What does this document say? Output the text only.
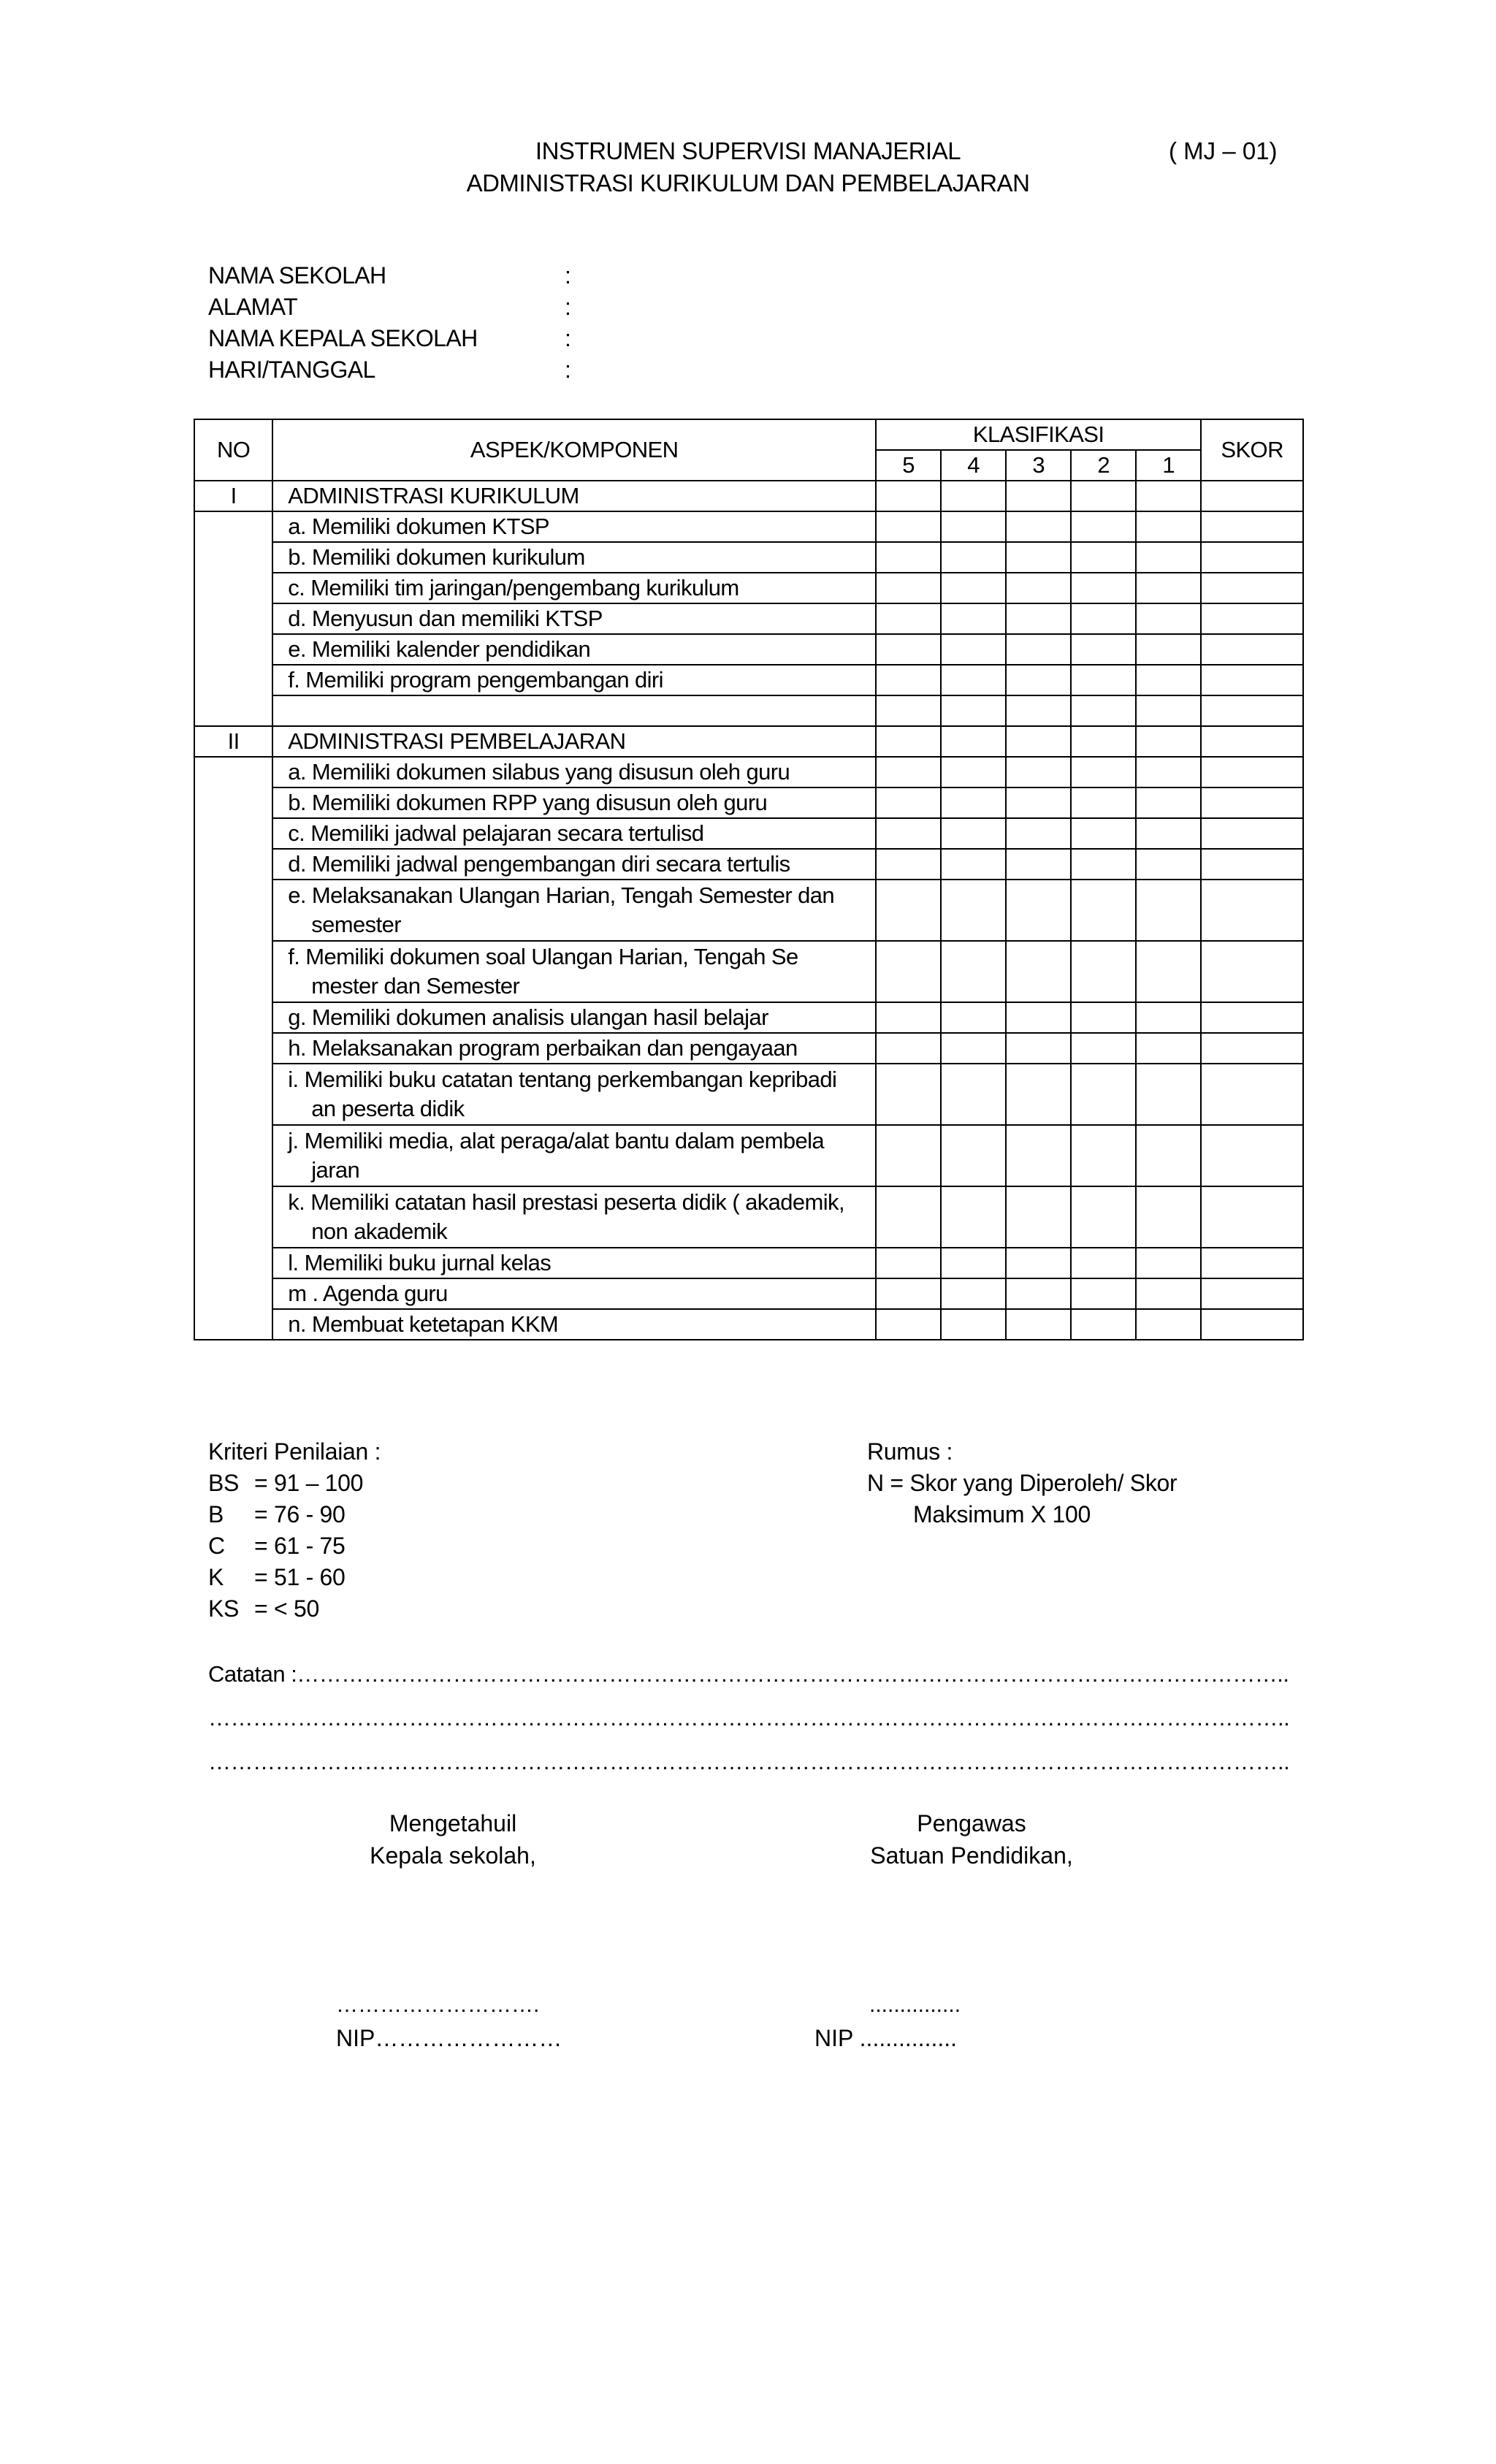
INSTRUMEN SUPERVISI MANAJERIAL
ADMINISTRASI KURIKULUM DAN PEMBELAJARAN
( MJ – 01)
NAMA SEKOLAH	:
ALAMAT	:
NAMA KEPALA SEKOLAH	:
HARI/TANGGAL	:
NO	ASPEK/KOMPONEN	KLASIFIKASI					SKOR
		5	4	3	2	1	
I	ADMINISTRASI KURIKULUM						

	a. Memiliki dokumen KTSP						

	b. Memiliki dokumen kurikulum						

	c. Memiliki tim jaringan/pengembang kurikulum						

	d. Menyusun dan memiliki KTSP						

	e. Memiliki kalender pendidikan						

	f. Memiliki program pengembangan diri						

II	ADMINISTRASI PEMBELAJARAN						

	a. Memiliki dokumen silabus yang disusun oleh guru						

	b. Memiliki dokumen RPP yang disusun oleh guru						

	c. Memiliki jadwal pelajaran secara tertulisd						

	d. Memiliki jadwal pengembangan diri secara tertulis						

	e. Melaksanakan Ulangan Harian, Tengah Semester dan
semester						

	f. Memiliki dokumen soal Ulangan Harian, Tengah Se
mester dan Semester						

	g. Memiliki dokumen analisis ulangan hasil belajar						

	h. Melaksanakan program perbaikan dan pengayaan						

	i. Memiliki buku catatan tentang perkembangan kepribadi
an peserta didik						

	j. Memiliki media, alat peraga/alat bantu dalam pembela
jaran						

	k. Memiliki catatan hasil prestasi peserta didik ( akademik,
non akademik						

	l. Memiliki buku jurnal kelas						

	m . Agenda guru						

	n. Membuat ketetapan KKM						

Kriteri Penilaian :
BS = 91 – 100
B	= 76 - 90
C	= 61 - 75
K	= 51 - 60
KS = < 50
Rumus :
N = Skor yang Diperoleh/ Skor
Maksimum X 100
Catatan :……………………………………………………………………………………………………………………..
………………………………………………………………………………………………………………………………..
………………………………………………………………………………………………………………………………..
Mengetahuil
Kepala sekolah,
Pengawas
Satuan Pendidikan,
……………………….
NIP……………………
...............
NIP ...............
